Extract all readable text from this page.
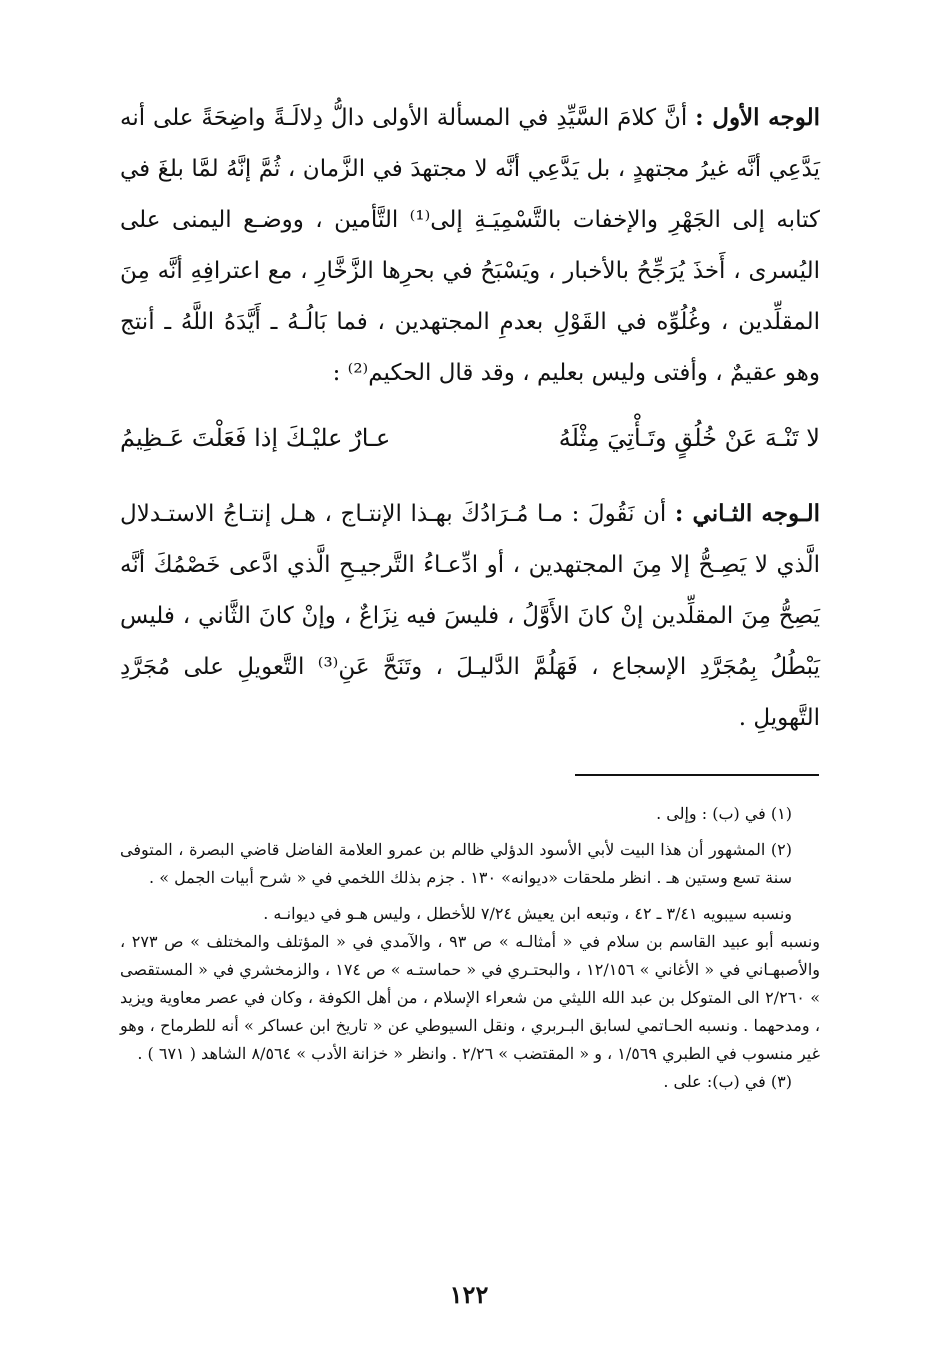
الوجه الأول : أنَّ كلامَ السَّيِّدِ في المسألة الأولى دالُّ دِلالَـةً واضِحَةً على أنه يَدَّعِي أنَّه غيرُ مجتهدٍ ، بل يَدَّعِي أنَّه لا مجتهدَ في الزَّمان ، ثُمَّ إنَّهُ لمَّا بلغَ في كتابه إلى الجَهْرِ والإخفات بالتَّسْمِيَـةِ إلى⁽¹⁾ التَّأمين ، ووضـع اليمنى على اليُسرى ، أَخذَ يُرَجِّحُ بالأخبار ، ويَسْبَحُ في بحرِها الزَّخَّارِ ، مع اعترافِهِ أنَّه مِنَ المقلِّدين ، وغُلُوِّه في القَوْلِ بعدمِ المجتهدين ، فما بَالُـهُ ـ أَيَّدَهُ اللَّهُ ـ أنتج وهو عقيمٌ ، وأفتى وليس بعليم ، وقد قال الحكيم⁽²⁾ :

لا تَنْـهَ عَنْ خُلُقٍ وتَـأْتِيَ مِثْلَهُ
عـارٌ عليْـكَ إذا فَعَلْتَ عَـظِيمُ

الـوجه الثـاني : أن نَقُولَ : مـا مُـرَادُكَ بهـذا الإنتـاج ، هـل إنتـاجُ الاستـدلال الَّذي لا يَصِـحُّ إلا مِنَ المجتهدين ، أو ادِّعـاءُ التَّرجيـحِ الَّذي ادَّعى خَصْمُكَ أنَّه يَصِحُّ مِنَ المقلِّدين إنْ كانَ الأَوَّلُ ، فليسَ فيه نِزَاعٌ ، وإنْ كانَ الثَّاني ، فليس يَبْطُلُ بِمُجَرَّدِ الإسجاع ، فَهَلُمَّ الدَّليـلَ ، وتَنَحَّ عَنِ⁽³⁾ التَّعويلِ على مُجَرَّدِ التَّهويلِ .

(١) في (ب) : وإلى .

(٢) المشهور أن هذا البيت لأبي الأسود الدؤلي ظالم بن عمرو العلامة الفاضل قاضي البصرة ، المتوفى سنة تسع وستين هـ . انظر ملحقات «ديوانه» ١٣٠ . جزم بذلك اللخمي في « شرح أبيات الجمل » .

ونسبه سيبويه ٣/٤١ ـ ٤٢ ، وتبعه ابن يعيش ٧/٢٤ للأخطل ، وليس هـو في ديوانـه .

ونسبه أبو عبيد القاسم بن سلام في « أمثالـه » ص ٩٣ ، والآمدي في « المؤتلف والمختلف » ص ٢٧٣ ، والأصبهـاني في « الأغاني » ١٢/١٥٦ ، والبحتـري في « حماستـه » ص ١٧٤ ، والزمخشري في « المستقصى » ٢/٢٦٠ الى المتوكل بن عبد الله الليثي من شعراء الإسلام ، من أهل الكوفة ، وكان في عصر معاوية ويزيد ، ومدحهما . ونسبه الحـاتمي لسابق البـربري ، ونقل السيوطي عن « تاريخ ابن عساكر » أنه للطرماح ، وهو غير منسوب في الطبري ١/٥٦٩ ، و « المقتضب » ٢/٢٦ . وانظر « خزانة الأدب » ٨/٥٦٤ الشاهد ( ٦٧١ ) .

(٣) في (ب): على .

١٢٢
